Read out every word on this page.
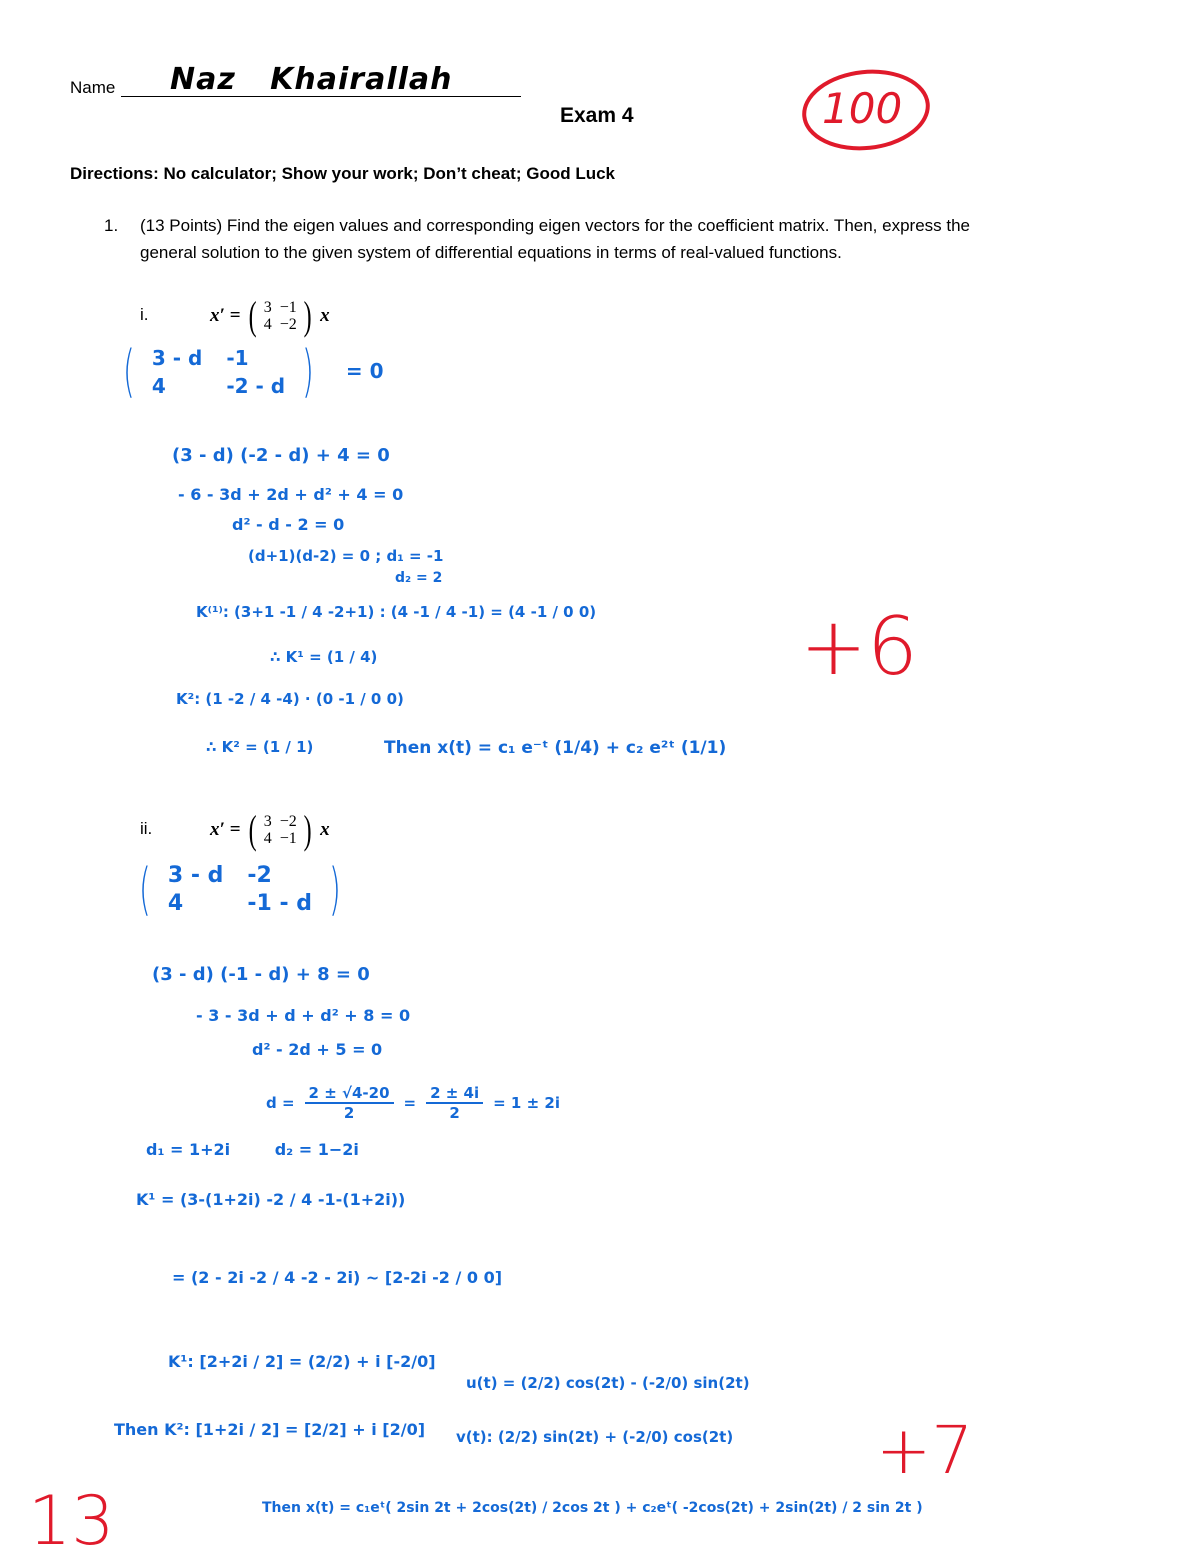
Name Naz   Khairallah
Exam 4	100
Directions: No calculator; Show your work; Don’t cheat; Good Luck
1. (13 Points) Find the eigen values and corresponding eigen vectors for the coefficient matrix. Then, express the
general solution to the given system of differential equations in terms of real-valued functions.
i.	x′ = ( 3	−1
4	−2 ) x
( 3 - d	-1
4	-2 - d ) = 0
(3 - d) (-2 - d) + 4 = 0
- 6 - 3d + 2d + d² + 4 = 0
d² - d - 2 = 0
(d+1)(d-2) = 0 ; d₁ = -1
d₂ = 2
K⁽¹⁾: (3+1 -1 / 4 -2+1) : (4 -1 / 4 -1) = (4 -1 / 0 0)
∴ K¹ = (1 / 4)
K²: (1 -2 / 4 -4) · (0 -1 / 0 0)
∴ K² = (1 / 1)	Then x(t) = c₁ e⁻ᵗ (1/4) + c₂ e²ᵗ (1/1)
+6
ii.	x′ = ( 3	−2
4	−1 ) x
( 3 - d	-2
4	-1 - d )
(3 - d) (-1 - d) + 8 = 0
- 3 - 3d + d + d² + 8 = 0
d² - 2d + 5 = 0
$d = \frac{2 \pm √4-20}{2} = \frac{2 \pm 4i}{2} = 1 \pm 2i$
d₁ = 1+2i        d₂ = 1−2i
K¹ = (3-(1+2i) -2 / 4 -1-(1+2i))
= (2 - 2i -2 / 4 -2 - 2i) ~ [2-2i -2 / 0 0]
K¹: [2+2i / 2] = (2/2) + i [-2/0]
Then K²: [1+2i / 2] = [2/2] + i [2/0]
u(t) = (2/2) cos(2t) - (-2/0) sin(2t)
v(t): (2/2) sin(2t) + (-2/0) cos(2t)
Then x(t) = c₁eᵗ( 2sin 2t + 2cos(2t) / 2cos 2t ) + c₂eᵗ( -2cos(2t) + 2sin(2t) / 2 sin 2t )
+7
13
